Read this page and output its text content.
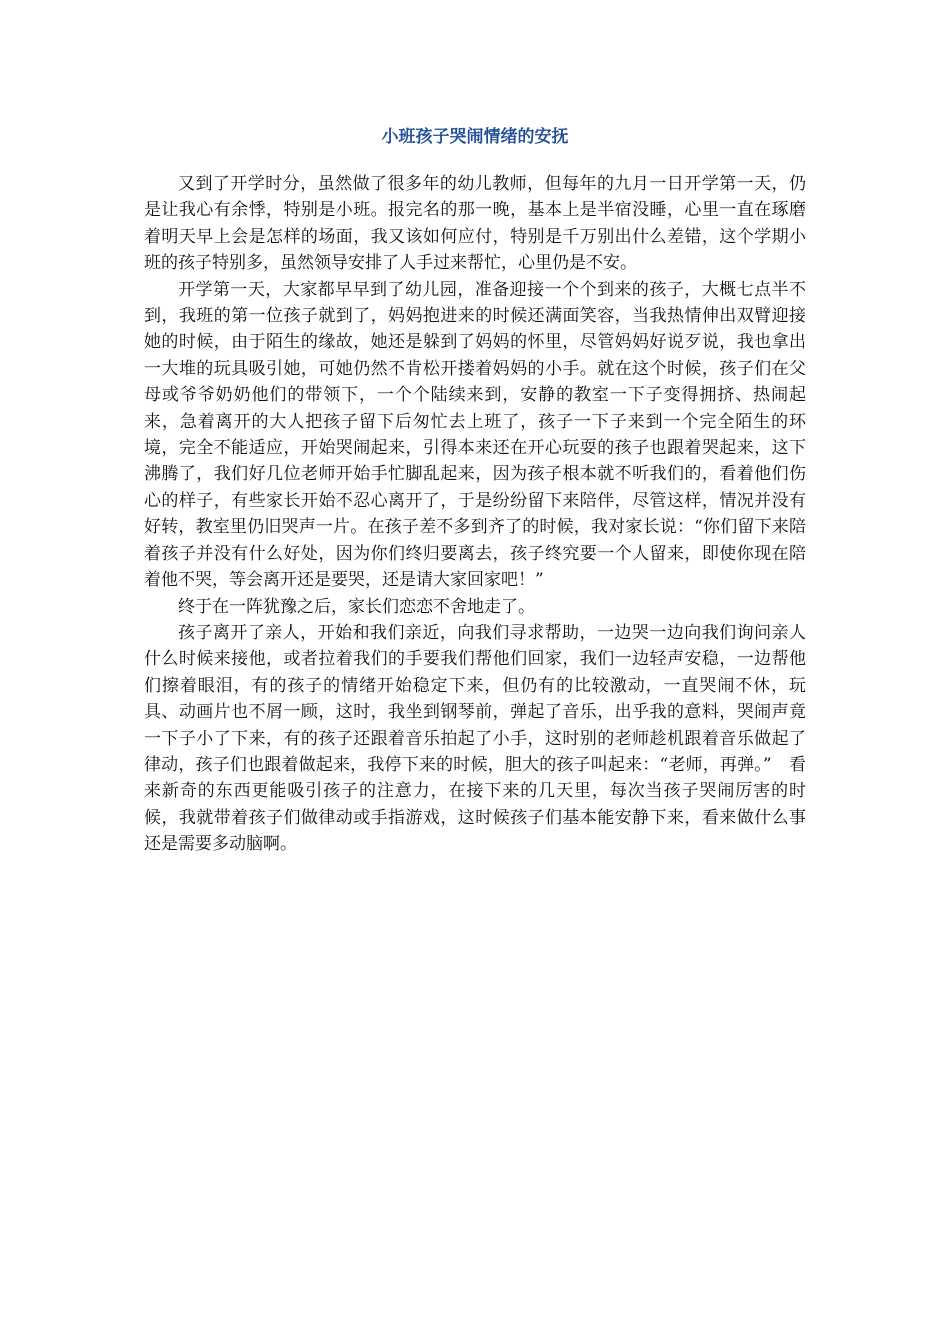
小班孩子哭闹情绪的安抚

又到了开学时分，虽然做了很多年的幼儿教师，但每年的九月一日开学第一天，仍是让我心有余悸，特别是小班。报完名的那一晚，基本上是半宿没睡，心里一直在琢磨着明天早上会是怎样的场面，我又该如何应付，特别是千万别出什么差错，这个学期小班的孩子特别多，虽然领导安排了人手过来帮忙，心里仍是不安。

开学第一天，大家都早早到了幼儿园，准备迎接一个个到来的孩子，大概七点半不到，我班的第一位孩子就到了，妈妈抱进来的时候还满面笑容，当我热情伸出双臂迎接她的时候，由于陌生的缘故，她还是躲到了妈妈的怀里，尽管妈妈好说歹说，我也拿出一大堆的玩具吸引她，可她仍然不肯松开搂着妈妈的小手。就在这个时候，孩子们在父母或爷爷奶奶他们的带领下，一个个陆续来到，安静的教室一下子变得拥挤、热闹起来，急着离开的大人把孩子留下后匆忙去上班了，孩子一下子来到一个完全陌生的环境，完全不能适应，开始哭闹起来，引得本来还在开心玩耍的孩子也跟着哭起来，这下沸腾了，我们好几位老师开始手忙脚乱起来，因为孩子根本就不听我们的，看着他们伤心的样子，有些家长开始不忍心离开了，于是纷纷留下来陪伴，尽管这样，情况并没有好转，教室里仍旧哭声一片。在孩子差不多到齐了的时候，我对家长说：“你们留下来陪着孩子并没有什么好处，因为你们终归要离去，孩子终究要一个人留来，即使你现在陪着他不哭，等会离开还是要哭，还是请大家回家吧！”

终于在一阵犹豫之后，家长们恋恋不舍地走了。

孩子离开了亲人，开始和我们亲近，向我们寻求帮助，一边哭一边向我们询问亲人什么时候来接他，或者拉着我们的手要我们帮他们回家，我们一边轻声安稳，一边帮他们擦着眼泪，有的孩子的情绪开始稳定下来，但仍有的比较激动，一直哭闹不休，玩具、动画片也不屑一顾，这时，我坐到钢琴前，弹起了音乐，出乎我的意料，哭闹声竟一下子小了下来，有的孩子还跟着音乐拍起了小手，这时别的老师趁机跟着音乐做起了律动，孩子们也跟着做起来，我停下来的时候，胆大的孩子叫起来：“老师，再弹。”　看来新奇的东西更能吸引孩子的注意力，在接下来的几天里，每次当孩子哭闹厉害的时候，我就带着孩子们做律动或手指游戏，这时候孩子们基本能安静下来，看来做什么事还是需要多动脑啊。
